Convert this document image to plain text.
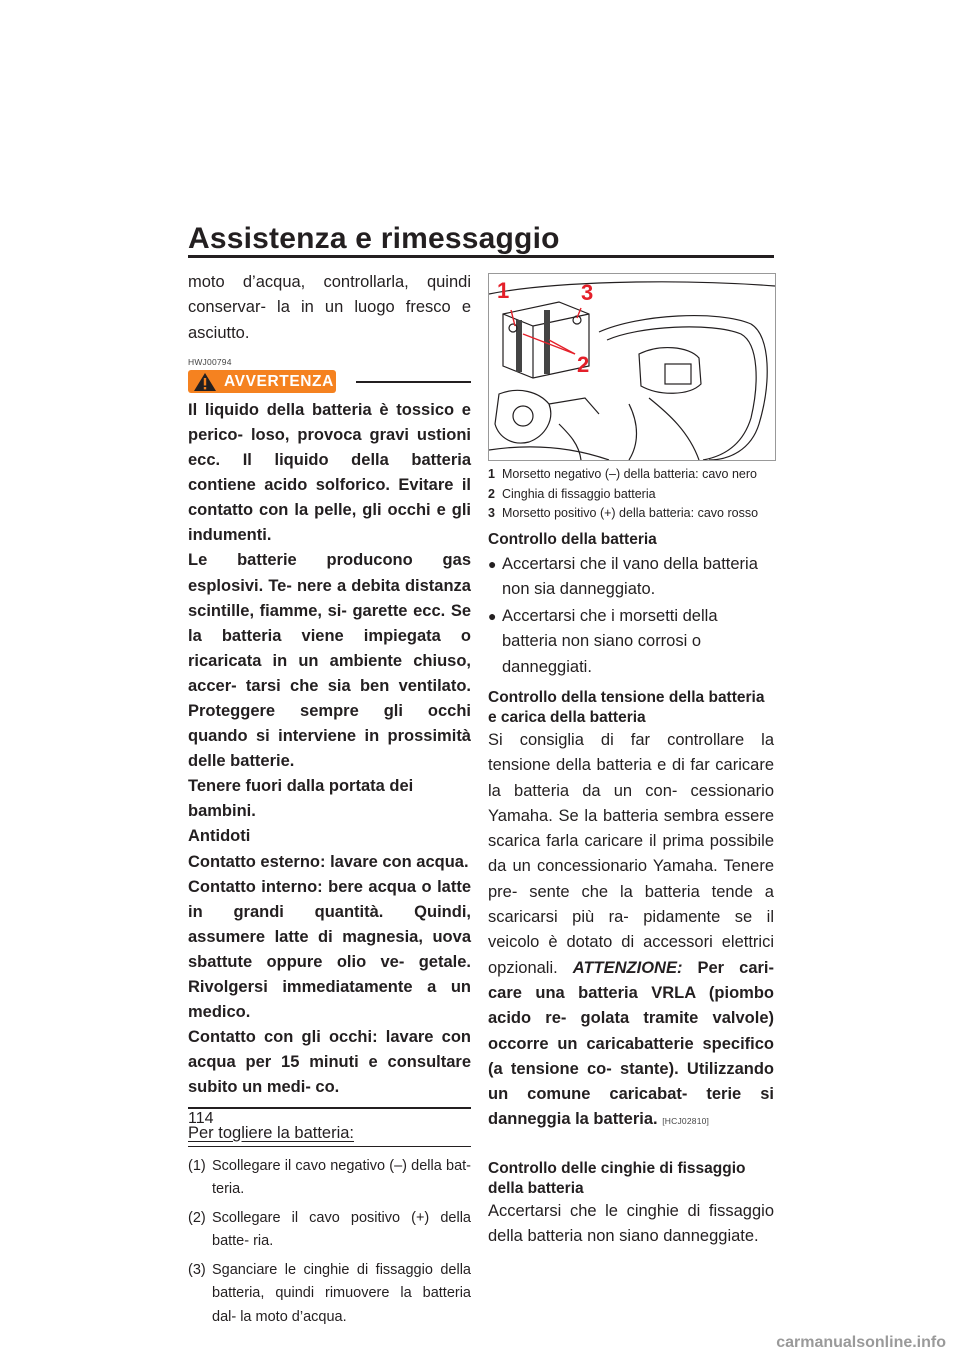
Assistenza e rimessaggio

moto d’acqua, controllarla, quindi conservar- la in un luogo fresco e asciutto.

HWJ00794
AVVERTENZA

Il liquido della batteria è tossico e perico- loso, provoca gravi ustioni ecc. Il liquido della batteria contiene acido solforico. Evitare il contatto con la pelle, gli occhi e gli indumenti.

Le batterie producono gas esplosivi. Te- nere a debita distanza scintille, fiamme, si- garette ecc. Se la batteria viene impiegata o ricaricata in un ambiente chiuso, accer- tarsi che sia ben ventilato. Proteggere sempre gli occhi quando si interviene in prossimità delle batterie.

Tenere fuori dalla portata dei bambini.

Antidoti

Contatto esterno: lavare con acqua.

Contatto interno: bere acqua o latte in grandi quantità. Quindi, assumere latte di magnesia, uova sbattute oppure olio ve- getale. Rivolgersi immediatamente a un medico.

Contatto con gli occhi: lavare con acqua per 15 minuti e consultare subito un medi- co.

Per togliere la batteria:
(1) Scollegare il cavo negativo (–) della bat- teria.
(2) Scollegare il cavo positivo (+) della batte- ria.
(3) Sganciare le cinghie di fissaggio della batteria, quindi rimuovere la batteria dal- la moto d’acqua.
1	3
2
1 Morsetto negativo (–) della batteria: cavo nero
2 Cinghia di fissaggio batteria
3 Morsetto positivo (+) della batteria: cavo rosso
Controllo della batteria
● Accertarsi che il vano della batteria non sia danneggiato.
● Accertarsi che i morsetti della batteria non siano corrosi o danneggiati.
Controllo della tensione della batteria e carica della batteria

Si consiglia di far controllare la tensione della batteria e di far caricare la batteria da un con- cessionario Yamaha. Se la batteria sembra essere scarica farla caricare il prima possibile da un concessionario Yamaha. Tenere pre- sente che la batteria tende a scaricarsi più ra- pidamente se il veicolo è dotato di accessori elettrici opzionali. ATTENZIONE: Per cari- care una batteria VRLA (piombo acido re- golata tramite valvole) occorre un caricabatterie specifico (a tensione co- stante). Utilizzando un comune caricabat- terie si danneggia la batteria. [HCJ02810]

Controllo delle cinghie di fissaggio della batteria

Accertarsi che le cinghie di fissaggio della batteria non siano danneggiate.

114
carmanualsonline.info
